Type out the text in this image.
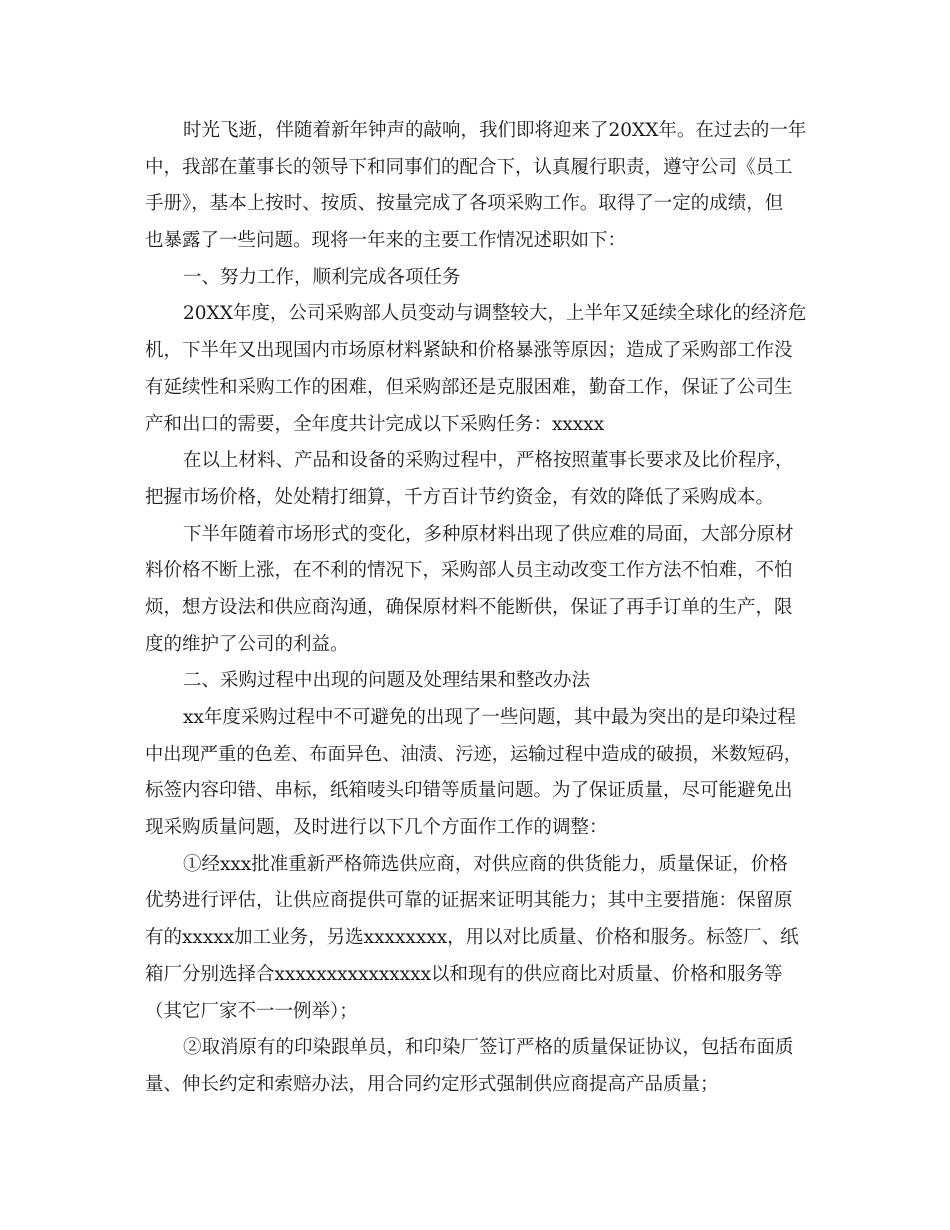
时光飞逝，伴随着新年钟声的敲响，我们即将迎来了20XX年。在过去的一年
中，我部在董事长的领导下和同事们的配合下，认真履行职责，遵守公司《员工
手册》，基本上按时、按质、按量完成了各项采购工作。取得了一定的成绩，但
也暴露了一些问题。现将一年来的主要工作情况述职如下：
一、努力工作，顺利完成各项任务
20XX年度，公司采购部人员变动与调整较大，上半年又延续全球化的经济危
机，下半年又出现国内市场原材料紧缺和价格暴涨等原因；造成了采购部工作没
有延续性和采购工作的困难，但采购部还是克服困难，勤奋工作，保证了公司生
产和出口的需要，全年度共计完成以下采购任务：xxxxx
在以上材料、产品和设备的采购过程中，严格按照董事长要求及比价程序，
把握市场价格，处处精打细算，千方百计节约资金，有效的降低了采购成本。
下半年随着市场形式的变化，多种原材料出现了供应难的局面，大部分原材
料价格不断上涨，在不利的情况下，采购部人员主动改变工作方法不怕难，不怕
烦，想方设法和供应商沟通，确保原材料不能断供，保证了再手订单的生产，限
度的维护了公司的利益。
二、采购过程中出现的问题及处理结果和整改办法
xx年度采购过程中不可避免的出现了一些问题，其中最为突出的是印染过程
中出现严重的色差、布面异色、油渍、污迹，运输过程中造成的破损，米数短码，
标签内容印错、串标，纸箱唛头印错等质量问题。为了保证质量，尽可能避免出
现采购质量问题，及时进行以下几个方面作工作的调整：
①经xxx批准重新严格筛选供应商，对供应商的供货能力，质量保证，价格
优势进行评估，让供应商提供可靠的证据来证明其能力；其中主要措施：保留原
有的xxxxx加工业务，另选xxxxxxxx，用以对比质量、价格和服务。标签厂、纸
箱厂分别选择合xxxxxxxxxxxxxxx以和现有的供应商比对质量、价格和服务等
（其它厂家不一一例举）；
②取消原有的印染跟单员，和印染厂签订严格的质量保证协议，包括布面质
量、伸长约定和索赔办法，用合同约定形式强制供应商提高产品质量；
